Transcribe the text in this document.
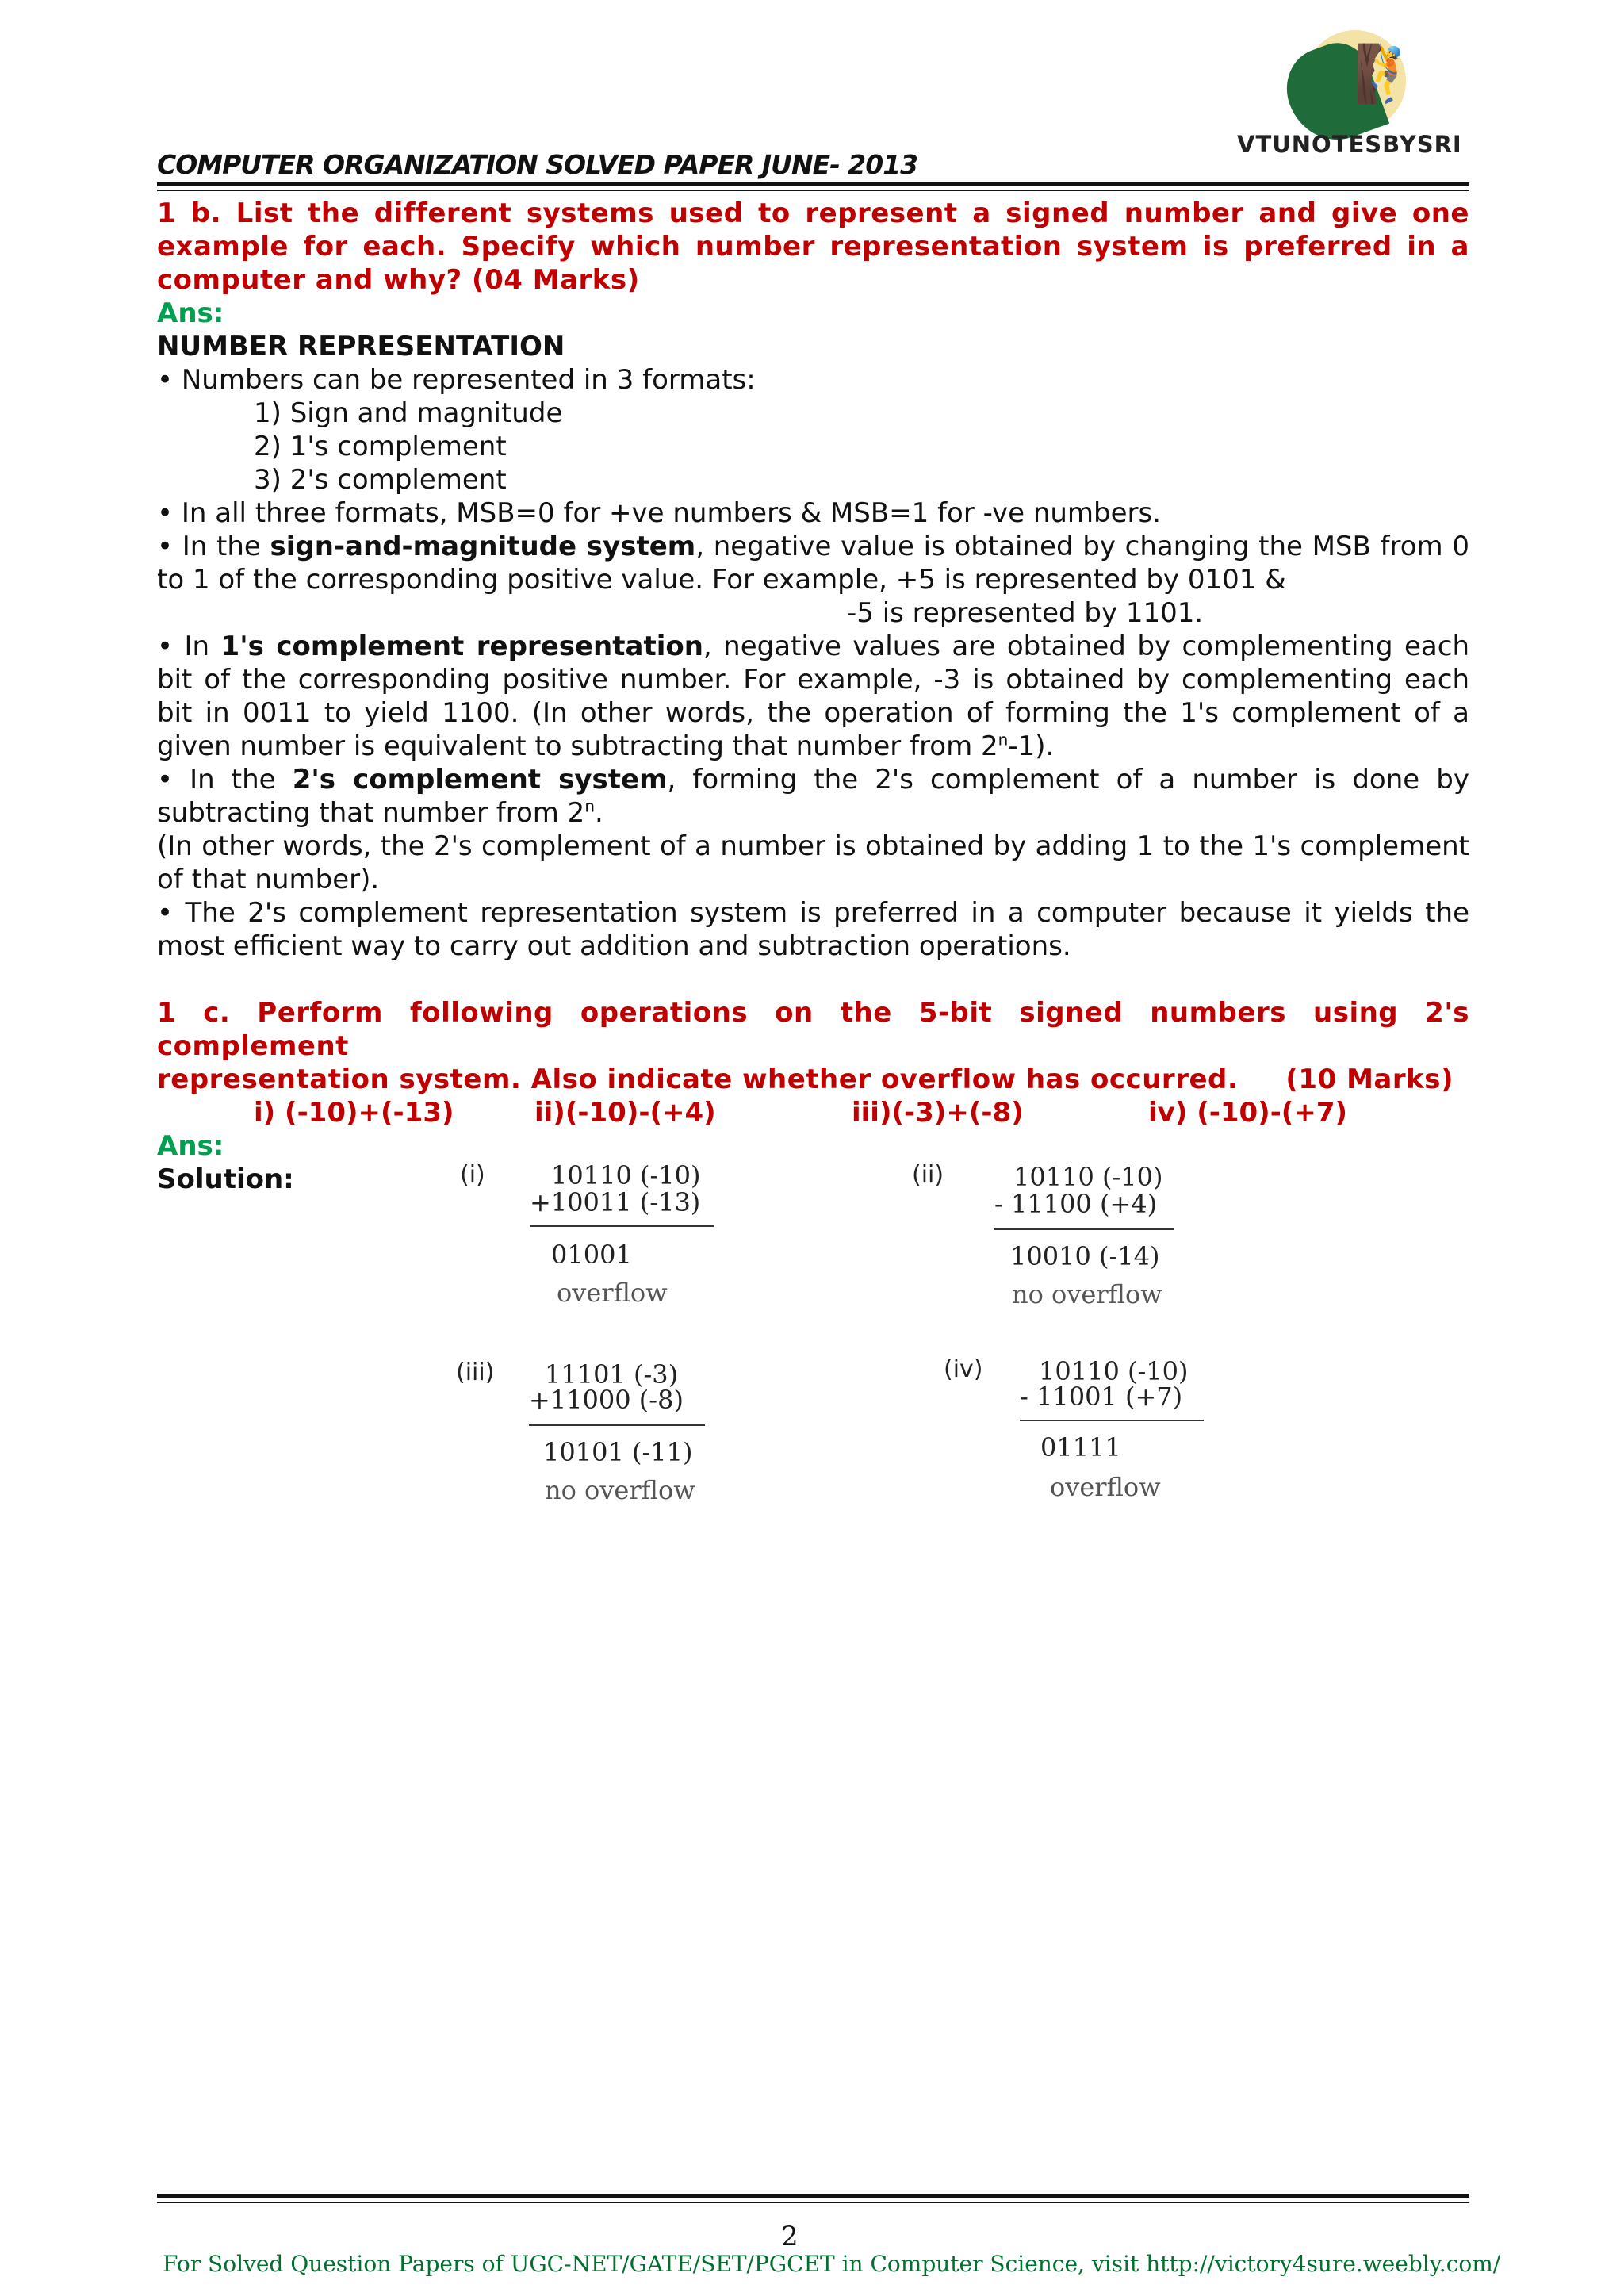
🧗
VTUNOTESBYSRI
COMPUTER ORGANIZATION SOLVED PAPER JUNE- 2013
1 b. List the different systems used to represent a signed number and give one example for each. Specify which number representation system is preferred in a computer and why? (04 Marks)
Ans:
NUMBER REPRESENTATION
• Numbers can be represented in 3 formats:
1) Sign and magnitude
2) 1's complement
3) 2's complement
• In all three formats, MSB=0 for +ve numbers & MSB=1 for -ve numbers.
• In the sign-and-magnitude system, negative value is obtained by changing the MSB from 0 to 1 of the corresponding positive value. For example, +5 is represented by 0101 &
-5 is represented by 1101.
• In 1's complement representation, negative values are obtained by complementing each bit of the corresponding positive number. For example, -3 is obtained by complementing each bit in 0011 to yield 1100. (In other words, the operation of forming the 1's complement of a given number is equivalent to subtracting that number from 2$^n$-1).
• In the 2's complement system, forming the 2's complement of a number is done by subtracting that number from 2$^n$.
(In other words, the 2's complement of a number is obtained by adding 1 to the 1's complement of that number).
• The 2's complement representation system is preferred in a computer because it yields the most efficient way to carry out addition and subtraction operations.
1 c. Perform following operations on the 5-bit signed numbers using 2's complement
representation system. Also indicate whether overflow has occurred. (10 Marks)
i) (-10)+(-13)	ii)(-10)-(+4)	iii)(-3)+(-8)	iv) (-10)-(+7)
Ans:
Solution:	(i)	10110 (-10)
+10011 (-13)
01001
overflow
(ii)	10110 (-10)
- 11100 (+4)
10010 (-14)
no overflow
(iii) 11101 (-3)
+11000 (-8)
10101 (-11)
no overflow
(iv) 10110 (-10)
- 11001 (+7)
01111
overflow
2
For Solved Question Papers of UGC-NET/GATE/SET/PGCET in Computer Science, visit http://victory4sure.weebly.com/
